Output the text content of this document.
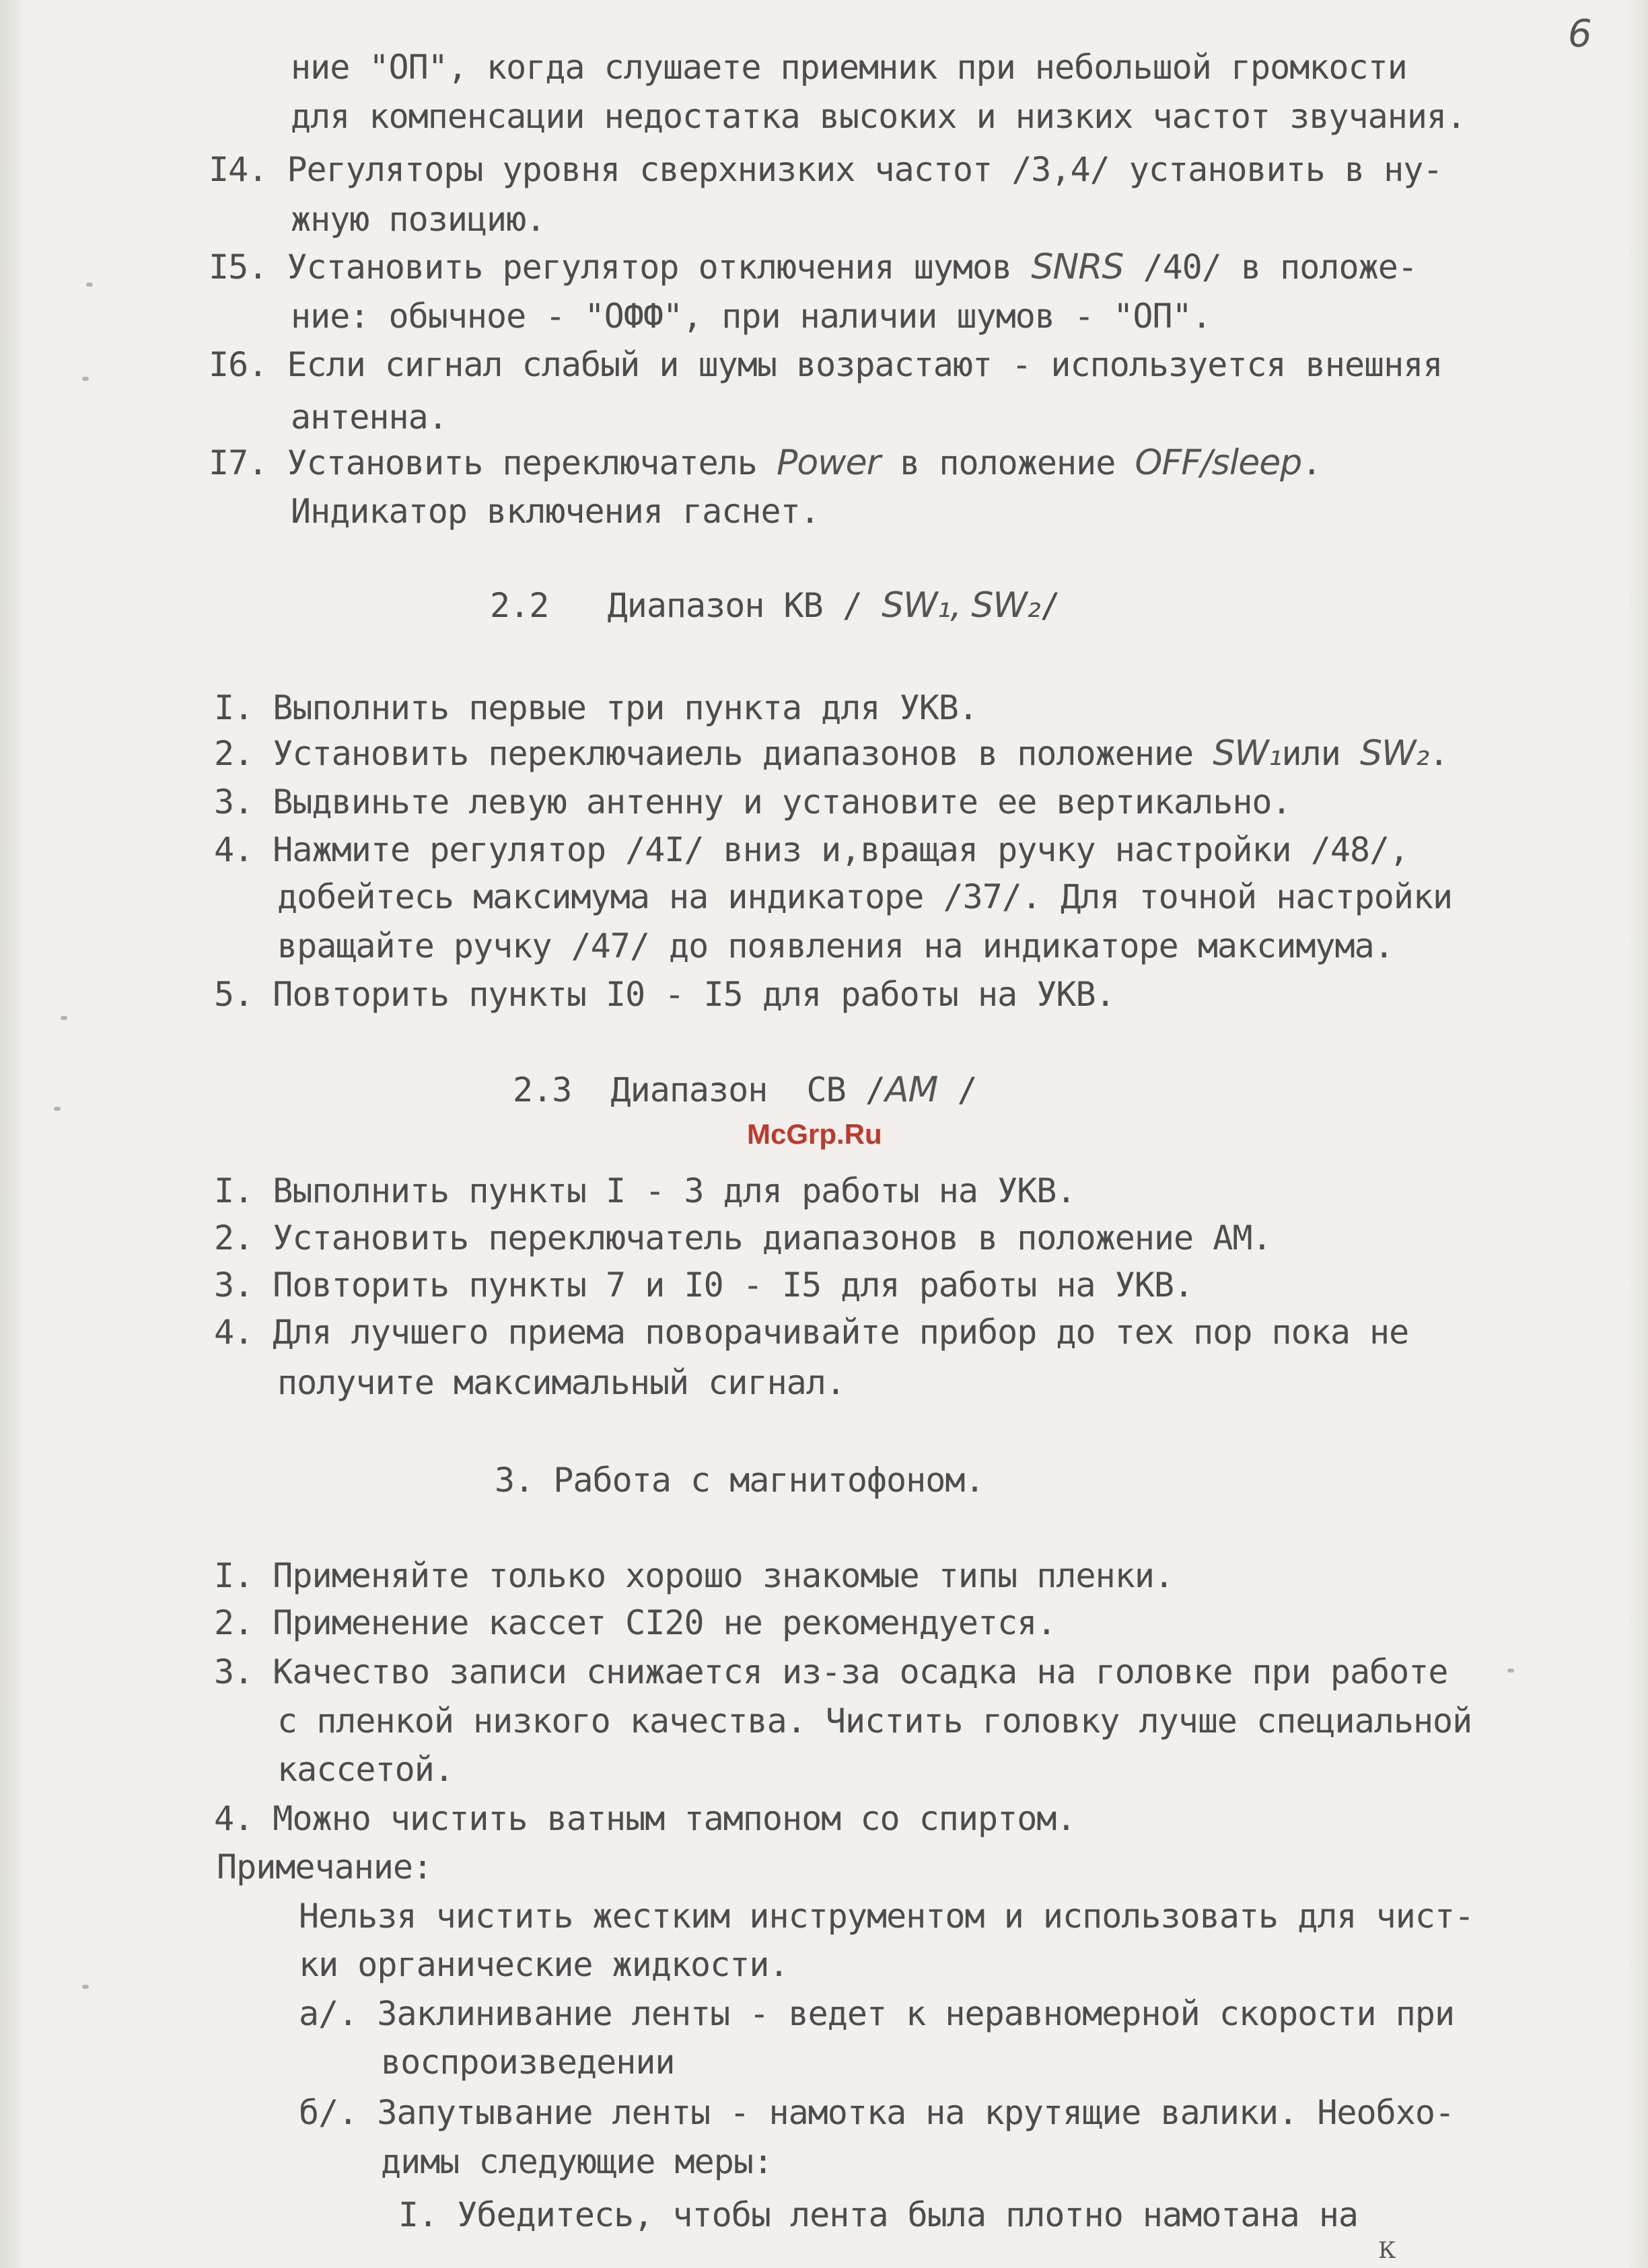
6
ние "ОП", когда слушаете приемник при небольшой громкости
для компенсации недостатка высоких и низких частот звучания.
I4. Регуляторы уровня сверхнизких частот /3,4/ установить в ну-
жную позицию.
I5. Установить регулятор отключения шумов SNRS /40/ в положе-
ние: обычное - "ОФФ", при наличии шумов - "ОП".
I6. Если сигнал слабый и шумы возрастают - используется внешняя
антенна.
I7. Установить переключатель Power в положение OFF/sleep.
Индикатор включения гаснет.
2.2   Диапазон КВ / SW₁, SW₂/
I. Выполнить первые три пункта для УКВ.
2. Установить переключаиель диапазонов в положение SW₁или SW₂.
3. Выдвиньте левую антенну и установите ее вертикально.
4. Нажмите регулятор /4I/ вниз и,вращая ручку настройки /48/,
добейтесь максимума на индикаторе /37/. Для точной настройки
вращайте ручку /47/ до появления на индикаторе максимума.
5. Повторить пункты I0 - I5 для работы на УКВ.
2.3  Диапазон  СВ /AM /
McGrp.Ru
I. Выполнить пункты I - 3 для работы на УКВ.
2. Установить переключатель диапазонов в положение АМ.
3. Повторить пункты 7 и I0 - I5 для работы на УКВ.
4. Для лучшего приема поворачивайте прибор до тех пор пока не
получите максимальный сигнал.
3. Работа с магнитофоном.
I. Применяйте только хорошо знакомые типы пленки.
2. Применение кассет CI20 не рекомендуется.
3. Качество записи снижается из-за осадка на головке при работе
с пленкой низкого качества. Чистить головку лучше специальной
кассетой.
4. Можно чистить ватным тампоном со спиртом.
Примечание:
Нельзя чистить жестким инструментом и использовать для чист-
ки органические жидкости.
а/. Заклинивание ленты - ведет к неравномерной скорости при
воспроизведении
б/. Запутывание ленты - намотка на крутящие валики. Необхо-
димы следующие меры:
I. Убедитесь, чтобы лента была плотно намотана на
К
